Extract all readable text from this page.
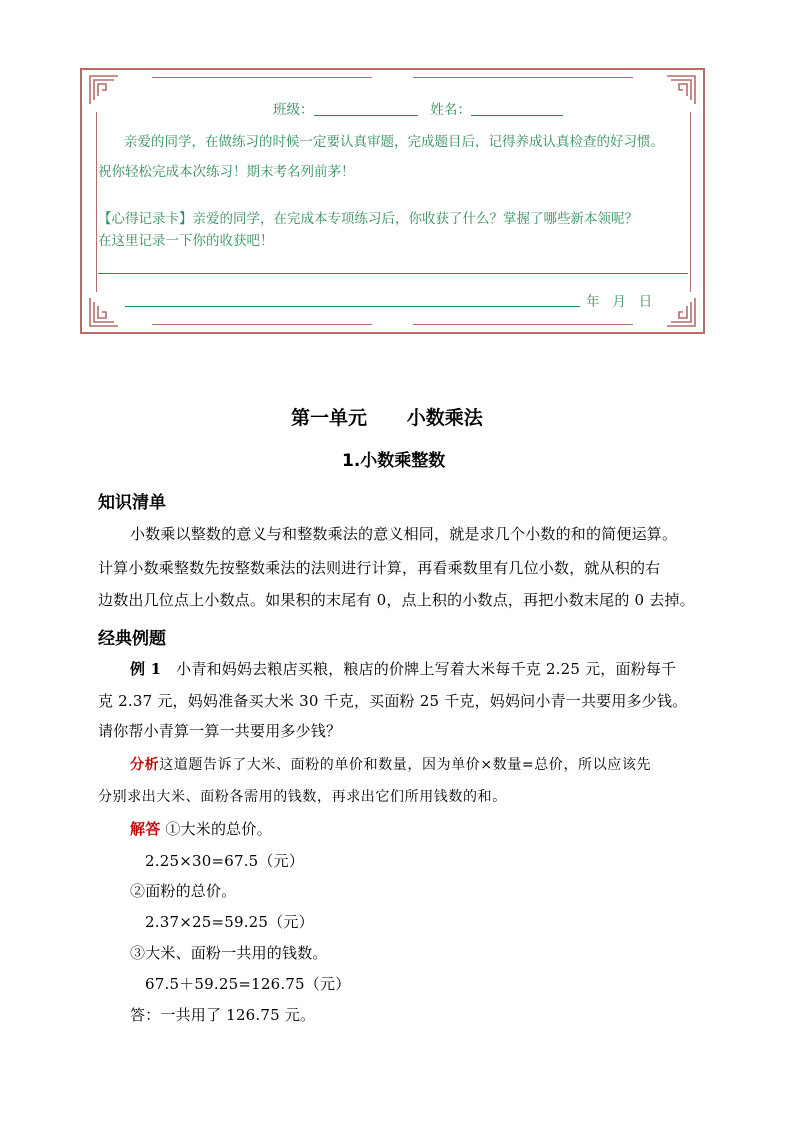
班级：	姓名：
亲爱的同学，在做练习的时候一定要认真审题，完成题目后，记得养成认真检查的好习惯。
祝你轻松完成本次练习！期末考名列前茅！
【心得记录卡】亲爱的同学，在完成本专项练习后，你收获了什么？掌握了哪些新本领呢？
在这里记录一下你的收获吧！
年   月   日
第一单元      小数乘法
1.小数乘整数
知识清单
小数乘以整数的意义与和整数乘法的意义相同，就是求几个小数的和的简便运算。
计算小数乘整数先按整数乘法的法则进行计算，再看乘数里有几位小数，就从积的右
边数出几位点上小数点。如果积的末尾有 0，点上积的小数点，再把小数末尾的 0 去掉。
经典例题
例 1 小青和妈妈去粮店买粮，粮店的价牌上写着大米每千克 2.25 元，面粉每千
克 2.37 元，妈妈准备买大米 30 千克，买面粉 25 千克，妈妈问小青一共要用多少钱。
请你帮小青算一算一共要用多少钱？
分析这道题告诉了大米、面粉的单价和数量，因为单价×数量=总价，所以应该先
分别求出大米、面粉各需用的钱数，再求出它们所用钱数的和。
解答 ①大米的总价。
2.25×30=67.5（元）
②面粉的总价。
2.37×25=59.25（元）
③大米、面粉一共用的钱数。
67.5＋59.25=126.75（元）
答：一共用了 126.75 元。
